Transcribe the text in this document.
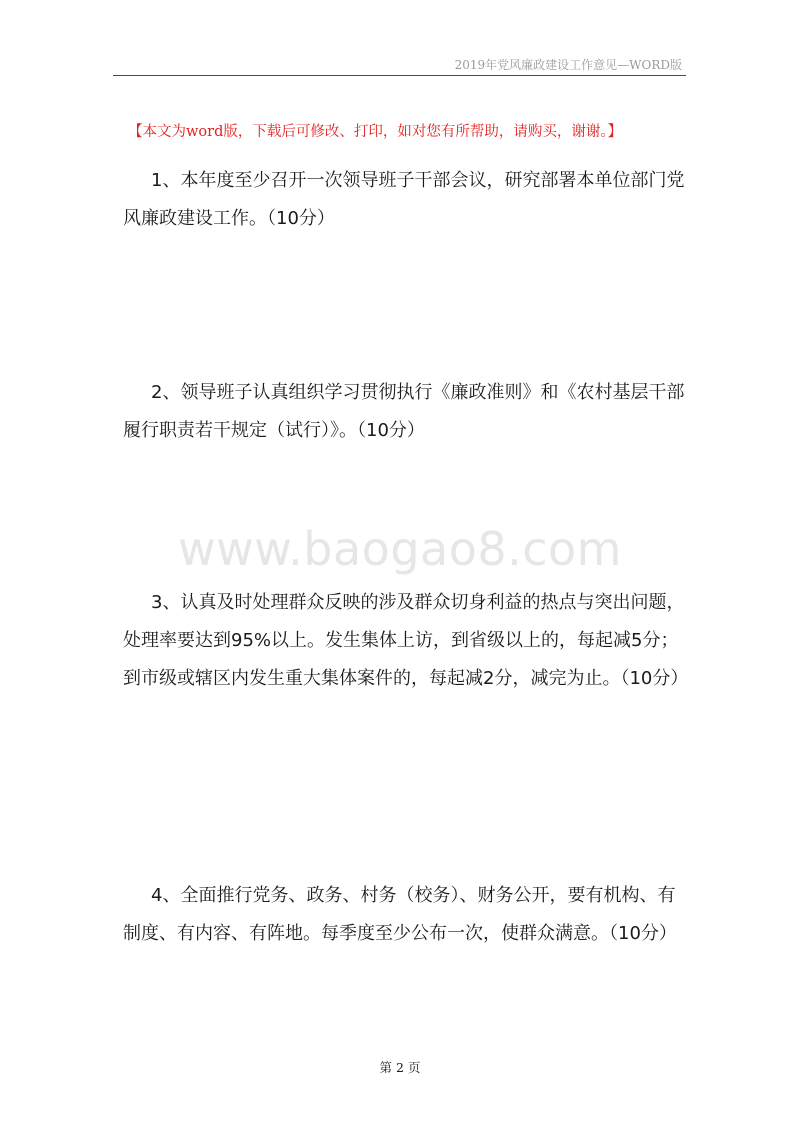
2019年党风廉政建设工作意见—WORD版
【本文为word版，下载后可修改、打印，如对您有所帮助，请购买，谢谢。】

1、本年度至少召开一次领导班子干部会议，研究部署本单位部门党风廉政建设工作。（10分）

2、领导班子认真组织学习贯彻执行《廉政准则》和《农村基层干部履行职责若干规定（试行）》。（10分）

www.baogao8.com

3、认真及时处理群众反映的涉及群众切身利益的热点与突出问题，处理率要达到95%以上。发生集体上访，到省级以上的，每起减5分；到市级或辖区内发生重大集体案件的，每起减2分，减完为止。（10分）

4、全面推行党务、政务、村务（校务）、财务公开，要有机构、有制度、有内容、有阵地。每季度至少公布一次，使群众满意。（10分）

第 2 页
